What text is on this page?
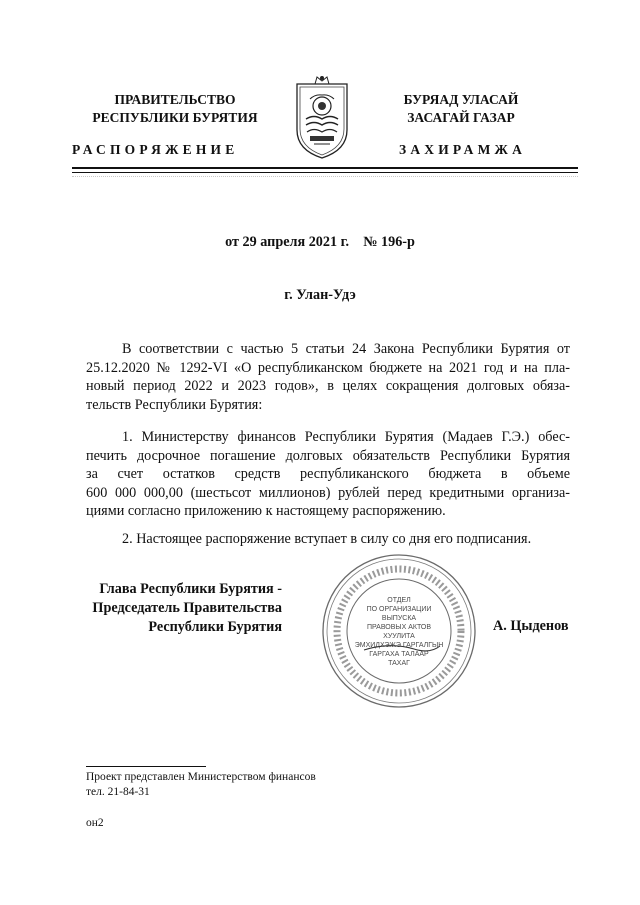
ПРАВИТЕЛЬСТВО
РЕСПУБЛИКИ БУРЯТИЯ
РАСПОРЯЖЕНИЕ
БУРЯАД УЛАСАЙ
ЗАСАГАЙ ГАЗАР
ЗАХИРАМЖА
от 29 апреля 2021 г.    № 196-р
г. Улан-Удэ
В соответствии с частью 5 статьи 24 Закона Республики Бурятия от
25.12.2020 № 1292-VI «О республиканском бюджете на 2021 год и на пла-
новый период 2022 и 2023 годов», в целях сокращения долговых обяза-
тельств Республики Бурятия:
1. Министерству финансов Республики Бурятия (Мадаев Г.Э.) обес-
печить досрочное погашение долговых обязательств Республики Бурятия
за счет остатков средств республиканского бюджета в объеме
600 000 000,00 (шестьсот миллионов) рублей перед кредитными организа-
циями согласно приложению к настоящему распоряжению.
2. Настоящее распоряжение вступает в силу со дня его подписания.
Глава Республики Бурятия -
Председатель Правительства
Республики Бурятия
ОТДЕЛ
ПО ОРГАНИЗАЦИИ
ВЫПУСКА
ПРАВОВЫХ АКТОВ
ХУУЛИТА
ЭМХИДХЭЖЭ ГАРГАЛГЫН
ГАРГАХА ТАЛААР
ТАХАГ
А. Цыденов
Проект представлен Министерством финансов
тел. 21-84-31
он2
